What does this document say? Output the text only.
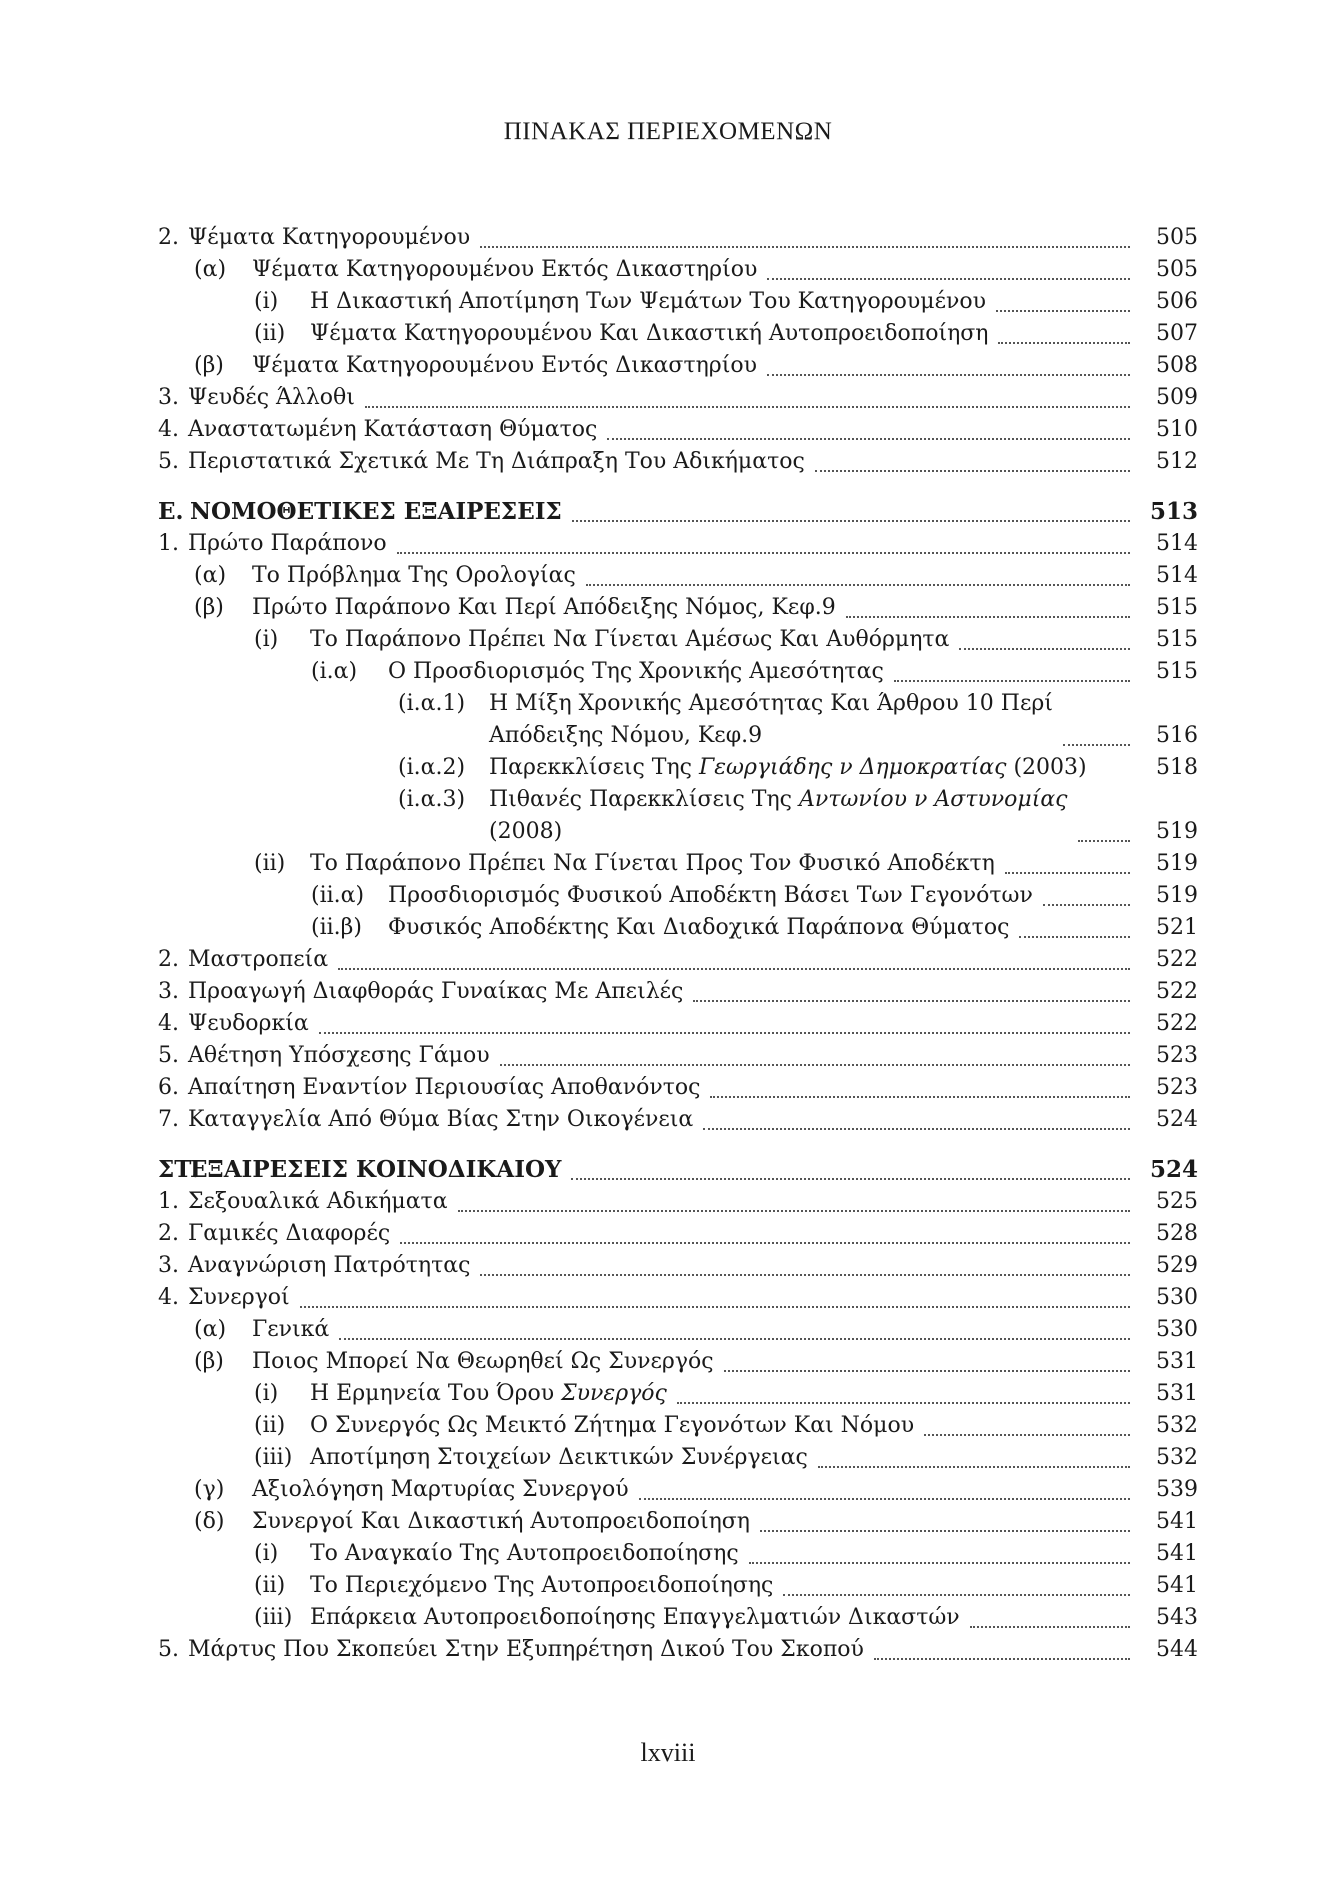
ΠΙΝΑΚΑΣ ΠΕΡΙΕΧΟΜΕΝΩΝ
2. Ψέματα Κατηγορουμένου	505
(α) Ψέματα Κατηγορουμένου Εκτός Δικαστηρίου	505
(i) Η Δικαστική Αποτίμηση Των Ψεμάτων Του Κατηγορουμένου	506
(ii) Ψέματα Κατηγορουμένου Και Δικαστική Αυτοπροειδοποίηση	507
(β) Ψέματα Κατηγορουμένου Εντός Δικαστηρίου	508
3. Ψευδές Άλλοθι	509
4. Αναστατωμένη Κατάσταση Θύματος	510
5. Περιστατικά Σχετικά Με Τη Διάπραξη Του Αδικήματος	512
Ε. ΝΟΜΟΘΕΤΙΚΕΣ ΕΞΑΙΡΕΣΕΙΣ	513
1. Πρώτο Παράπονο	514
(α) Το Πρόβλημα Της Ορολογίας	514
(β) Πρώτο Παράπονο Και Περί Απόδειξης Νόμος, Κεφ.9	515
(i) Το Παράπονο Πρέπει Να Γίνεται Αμέσως Και Αυθόρμητα	515
(i.α) Ο Προσδιορισμός Της Χρονικής Αμεσότητας	515
(i.α.1) Η Μίξη Χρονικής Αμεσότητας Και Άρθρου 10 Περί
Απόδειξης Νόμου, Κεφ.9	516
(i.α.2) Παρεκκλίσεις Της Γεωργιάδης ν Δημοκρατίας (2003)	518
(i.α.3) Πιθανές Παρεκκλίσεις Της Αντωνίου ν Αστυνομίας
(2008)	519
(ii) Το Παράπονο Πρέπει Να Γίνεται Προς Τον Φυσικό Αποδέκτη	519
(ii.α) Προσδιορισμός Φυσικού Αποδέκτη Βάσει Των Γεγονότων	519
(ii.β) Φυσικός Αποδέκτης Και Διαδοχικά Παράπονα Θύματος	521
2. Μαστροπεία	522
3. Προαγωγή Διαφθοράς Γυναίκας Με Απειλές	522
4. Ψευδορκία	522
5. Αθέτηση Υπόσχεσης Γάμου	523
6. Απαίτηση Εναντίον Περιουσίας Αποθανόντος	523
7. Καταγγελία Από Θύμα Βίας Στην Οικογένεια	524
ΣΤ.
ΕΞΑΙΡΕΣΕΙΣ ΚΟΙΝΟΔΙΚΑΙΟΥ	524
1. Σεξουαλικά Αδικήματα	525
2. Γαμικές Διαφορές	528
3. Αναγνώριση Πατρότητας	529
4. Συνεργοί	530
(α) Γενικά	530
(β) Ποιος Μπορεί Να Θεωρηθεί Ως Συνεργός	531
(i) Η Ερμηνεία Του Όρου Συνεργός	531
(ii) Ο Συνεργός Ως Μεικτό Ζήτημα Γεγονότων Και Νόμου	532
(iii) Αποτίμηση Στοιχείων Δεικτικών Συνέργειας	532
(γ) Αξιολόγηση Μαρτυρίας Συνεργού	539
(δ) Συνεργοί Και Δικαστική Αυτοπροειδοποίηση	541
(i) Το Αναγκαίο Της Αυτοπροειδοποίησης	541
(ii) Το Περιεχόμενο Της Αυτοπροειδοποίησης	541
(iii) Επάρκεια Αυτοπροειδοποίησης Επαγγελματιών Δικαστών	543
5. Μάρτυς Που Σκοπεύει Στην Εξυπηρέτηση Δικού Του Σκοπού	544
lxviii
